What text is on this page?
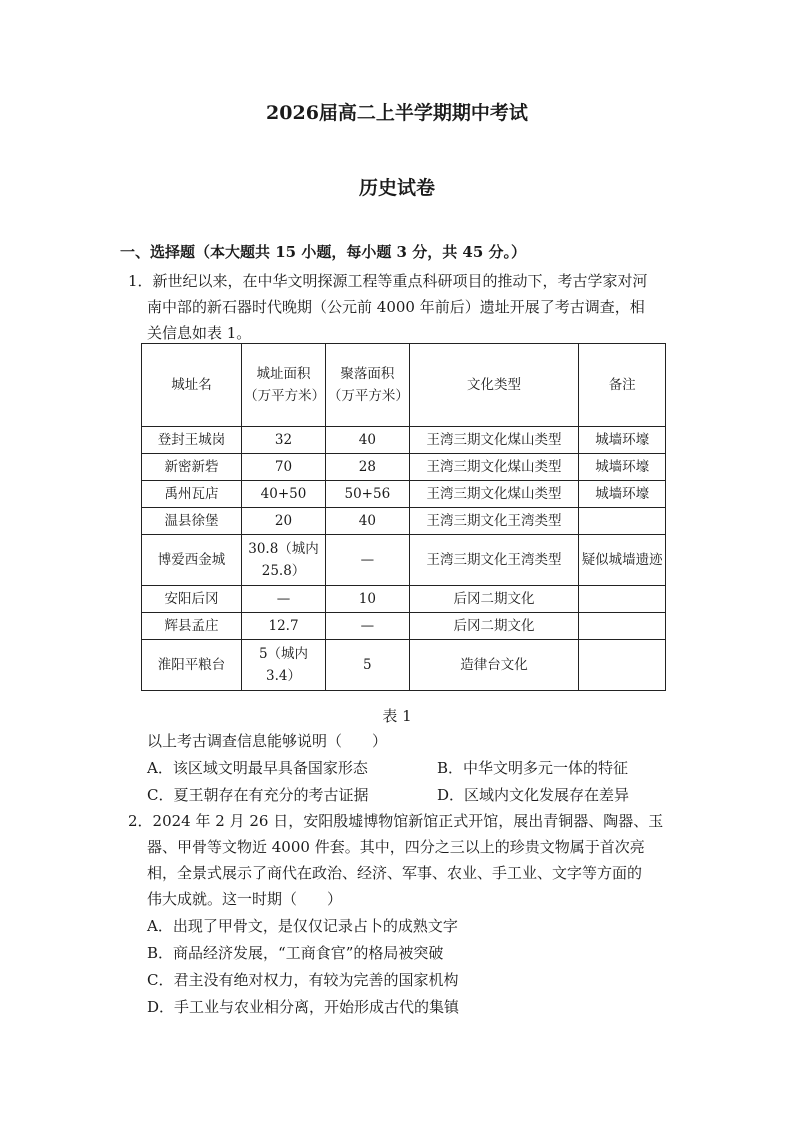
2026届高二上半学期期中考试
历史试卷
一、选择题（本大题共 15 小题，每小题 3 分，共 45 分。）
1．新世纪以来，在中华文明探源工程等重点科研项目的推动下，考古学家对河
南中部的新石器时代晚期（公元前 4000 年前后）遗址开展了考古调查，相
关信息如表 1。
城址名	城址面积（万平方米）	聚落面积（万平方米）	文化类型	备注
登封王城岗	32	40	王湾三期文化煤山类型	城墙环壕
新密新砦	70	28	王湾三期文化煤山类型	城墙环壕
禹州瓦店	40+50	50+56	王湾三期文化煤山类型	城墙环壕
温县徐堡	20	40	王湾三期文化王湾类型	
博爱西金城	30.8（城内 25.8）	—	王湾三期文化王湾类型	疑似城墙遗迹
安阳后冈	—	10	后冈二期文化	
辉县孟庄	12.7	—	后冈二期文化	
淮阳平粮台	5（城内 3.4）	5	造律台文化	
表 1
以上考古调查信息能够说明（　　）
A．该区域文明最早具备国家形态	B．中华文明多元一体的特征
C．夏王朝存在有充分的考古证据	D．区域内文化发展存在差异
2．2024 年 2 月 26 日，安阳殷墟博物馆新馆正式开馆，展出青铜器、陶器、玉
器、甲骨等文物近 4000 件套。其中，四分之三以上的珍贵文物属于首次亮
相，全景式展示了商代在政治、经济、军事、农业、手工业、文字等方面的
伟大成就。这一时期（　　）
A．出现了甲骨文，是仅仅记录占卜的成熟文字
B．商品经济发展，“工商食官”的格局被突破
C．君主没有绝对权力，有较为完善的国家机构
D．手工业与农业相分离，开始形成古代的集镇
